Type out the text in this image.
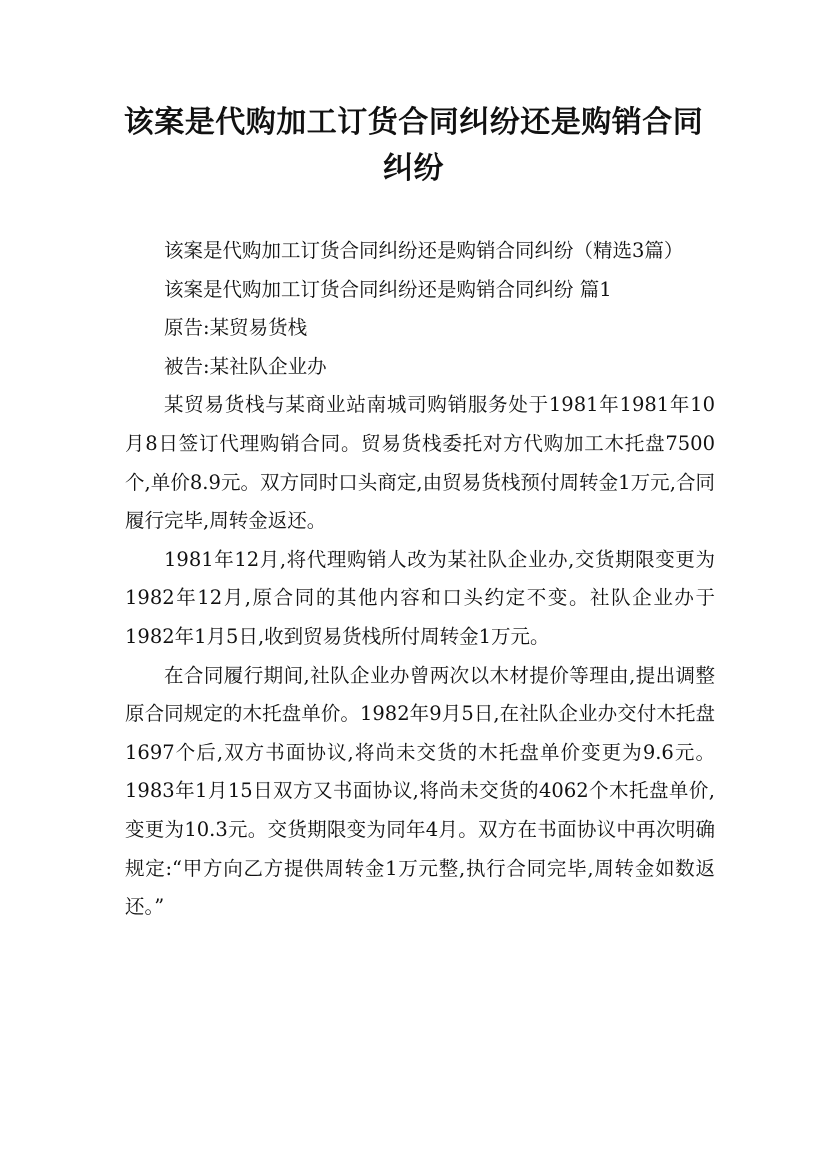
该案是代购加工订货合同纠纷还是购销合同纠纷

该案是代购加工订货合同纠纷还是购销合同纠纷（精选3篇）

该案是代购加工订货合同纠纷还是购销合同纠纷 篇1

原告:某贸易货栈

被告:某社队企业办

某贸易货栈与某商业站南城司购销服务处于1981年1981年10月8日签订代理购销合同。贸易货栈委托对方代购加工木托盘7500个,单价8.9元。双方同时口头商定,由贸易货栈预付周转金1万元,合同履行完毕,周转金返还。

1981年12月,将代理购销人改为某社队企业办,交货期限变更为1982年12月,原合同的其他内容和口头约定不变。社队企业办于1982年1月5日,收到贸易货栈所付周转金1万元。

在合同履行期间,社队企业办曾两次以木材提价等理由,提出调整原合同规定的木托盘单价。1982年9月5日,在社队企业办交付木托盘1697个后,双方书面协议,将尚未交货的木托盘单价变更为9.6元。1983年1月15日双方又书面协议,将尚未交货的4062个木托盘单价,变更为10.3元。交货期限变为同年4月。双方在书面协议中再次明确规定:“甲方向乙方提供周转金1万元整,执行合同完毕,周转金如数返还。”
